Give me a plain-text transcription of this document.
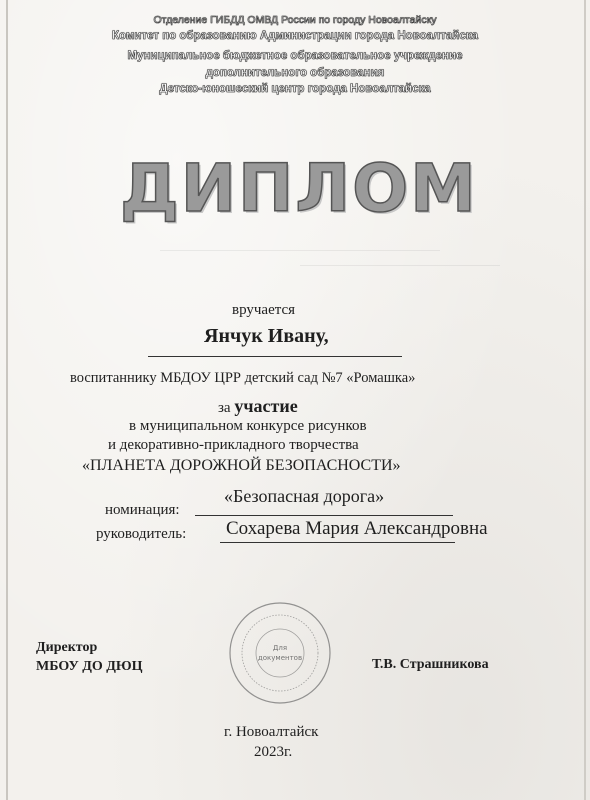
Отделение ГИБДД ОМВД России по городу Новоалтайску
Комитет по образованию Администрации города Новоалтайска
Муниципальное бюджетное образовательное учреждение
дополнительного образования
Детско-юношеский центр города Новоалтайска
ДИПЛОМ
вручается
Янчук Ивану,
воспитаннику МБДОУ ЦРР детский сад №7 «Ромашка»
за участие
в муниципальном конкурсе рисунков
и декоративно-прикладного творчества
«ПЛАНЕТА ДОРОЖНОЙ БЕЗОПАСНОСТИ»
«Безопасная дорога»
номинация:
руководитель: Сохарева Мария Александровна
Директор
МБОУ ДО ДЮЦ	Т.В. Страшникова
Для
документов
г. Новоалтайск
2023г.
